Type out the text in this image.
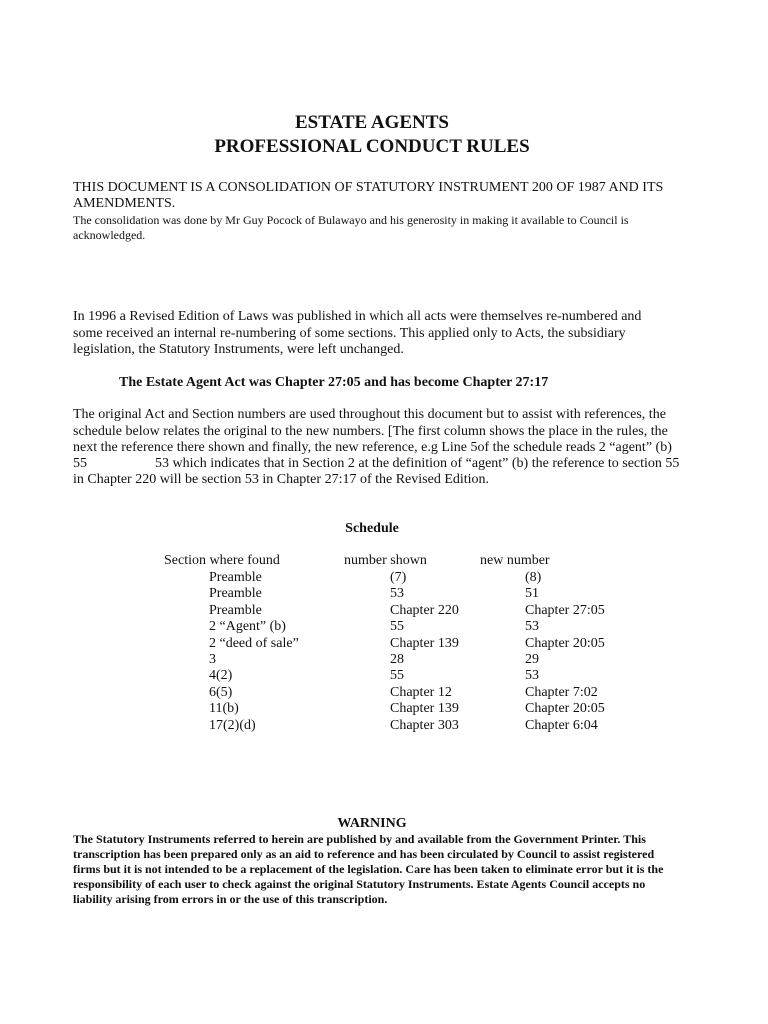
ESTATE AGENTS
PROFESSIONAL CONDUCT RULES
THIS DOCUMENT IS A CONSOLIDATION OF STATUTORY INSTRUMENT 200 OF 1987 AND ITS AMENDMENTS.
The consolidation was done by Mr Guy Pocock of Bulawayo and his generosity in making it available to Council is acknowledged.
In 1996 a Revised Edition of Laws was published in which all acts were themselves re-numbered and some received an internal re-numbering of some sections. This applied only to Acts, the subsidiary legislation, the Statutory Instruments, were left unchanged.
The Estate Agent Act was Chapter 27:05 and has become Chapter 27:17
The original Act and Section numbers are used throughout this document but to assist with references, the schedule below relates the original to the new numbers. [The first column shows the place in the rules, the next the reference there shown and finally, the new reference, e.g Line 5of the schedule reads 2 “agent” (b)
55	53 which indicates that in Section 2 at the definition of “agent” (b) the reference to section 55
in Chapter 220 will be section 53 in Chapter 27:17 of the Revised Edition.
Schedule
Section where found	number shown	new number
Preamble	(7)	(8)
Preamble	53	51
Preamble	Chapter 220	Chapter 27:05
2 “Agent” (b)	55	53
2 “deed of sale”	Chapter 139	Chapter 20:05
3	28	29
4(2)	55	53
6(5)	Chapter 12	Chapter 7:02
11(b)	Chapter 139	Chapter 20:05
17(2)(d)	Chapter 303	Chapter 6:04
WARNING
The Statutory Instruments referred to herein are published by and available from the Government Printer. This transcription has been prepared only as an aid to reference and has been circulated by Council to assist registered firms but it is not intended to be a replacement of the legislation. Care has been taken to eliminate error but it is the responsibility of each user to check against the original Statutory Instruments. Estate Agents Council accepts no liability arising from errors in or the use of this transcription.
